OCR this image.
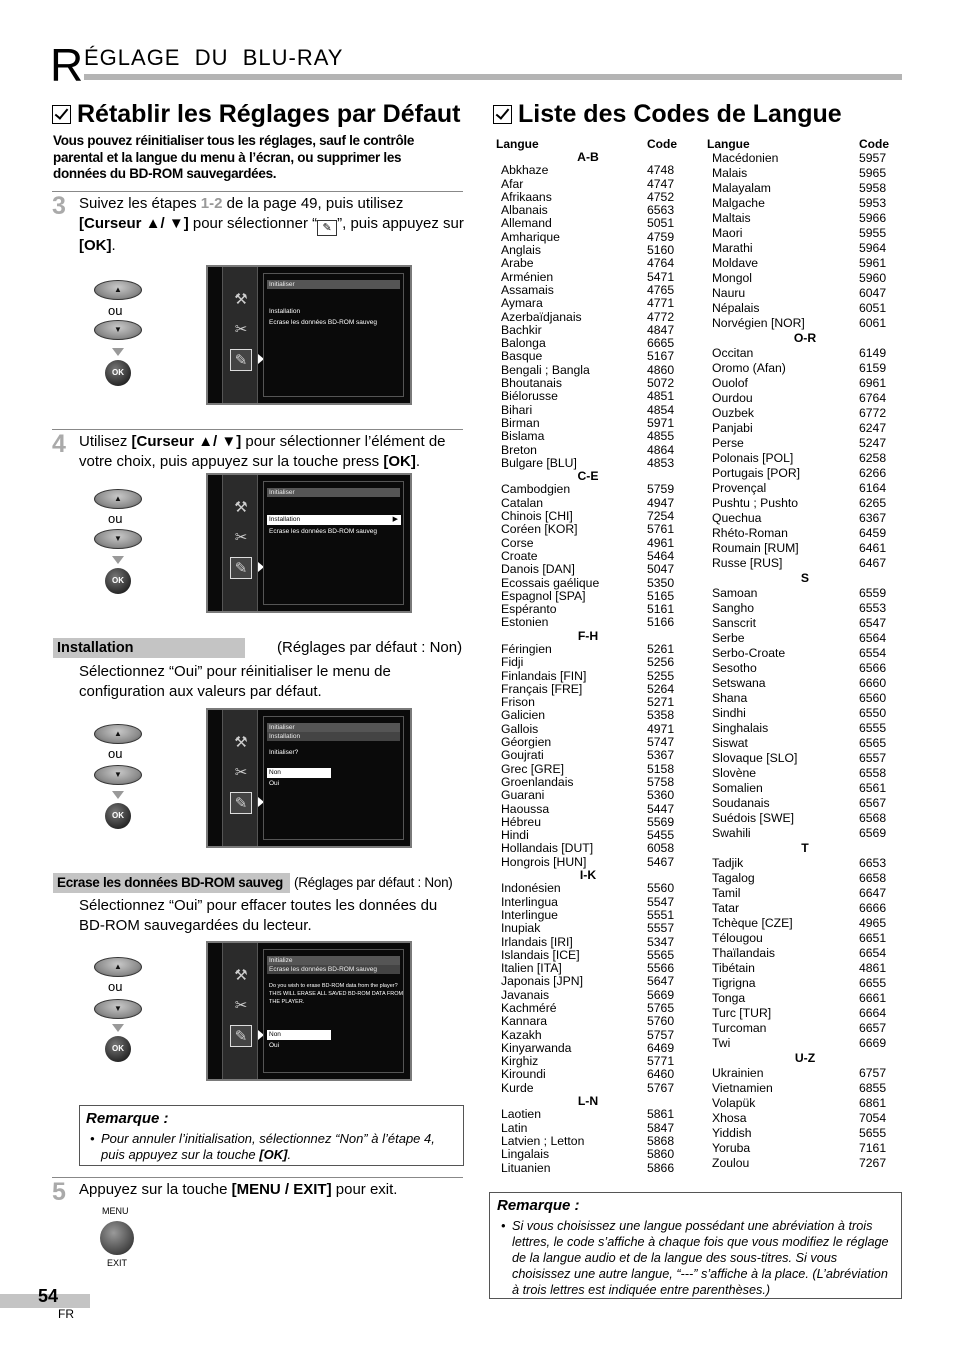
R ÉGLAGE  DU  BLU-RAY
Rétablir les Réglages par Défaut
Vous pouvez réinitialiser tous les réglages, sauf le contrôle parental et la langue du menu à l’écran, ou supprimer les données du BD-ROM sauvegardées.
3 Suivez les étapes 1-2 de la page 49, puis utilisez [Curseur ▲/ ▼] pour sélectionner “ ✎ ”, puis appuyez sur [OK].
▲
ou
▼
OK
⚒
✂
✎
Initialiser
Installation
Ecrase les données BD-ROM sauveg
4 Utilisez [Curseur ▲/ ▼] pour sélectionner l’élément de votre choix, puis appuyez sur la touche press [OK].
▲
ou
▼
OK
⚒
✂
✎
Initialiser
Installation	▶
Ecrase les données BD-ROM sauveg
Installation	(Réglages par défaut : Non)
Sélectionnez “Oui” pour réinitialiser le menu de configuration aux valeurs par défaut.
▲
ou
▼
OK
⚒
✂
✎
Initialiser
Installation
Initialiser?
Non
Oui
Ecrase les données BD-ROM sauveg (Réglages par défaut : Non)
Sélectionnez “Oui” pour effacer toutes les données du BD-ROM sauvegardées du lecteur.
▲
ou
▼
OK
⚒
✂
✎
Initialize
Ecrase les données BD-ROM sauveg
Do you wish to erase BD-ROM data from the player? THIS WILL ERASE ALL SAVED BD-ROM DATA FROM THE PLAYER.
Non
Oui
Remarque :
• Pour annuler l’initialisation, sélectionnez “Non” à l’étape 4, puis appuyez sur la touche [OK].
5 Appuyez sur la touche [MENU / EXIT] pour exit.
MENU
EXIT
54
FR
Liste des Codes de Langue
Langue	Code	Langue	Code
A-B
Abkhaze	4748
Afar	4747
Afrikaans	4752
Albanais	6563
Allemand	5051
Amharique	4759
Anglais	5160
Arabe	4764
Arménien	5471
Assamais	4765
Aymara	4771
Azerbaïdjanais	4772
Bachkir	4847
Balonga	6665
Basque	5167
Bengali ; Bangla	4860
Bhoutanais	5072
Biélorusse	4851
Bihari	4854
Birman	5971
Bislama	4855
Breton	4864
Bulgare [BLU]	4853
C-E
Cambodgien	5759
Catalan	4947
Chinois [CHI]	7254
Coréen [KOR]	5761
Corse	4961
Croate	5464
Danois [DAN]	5047
Ecossais gaélique	5350
Espagnol [SPA]	5165
Espéranto	5161
Estonien	5166
F-H
Féringien	5261
Fidji	5256
Finlandais [FIN]	5255
Français [FRE]	5264
Frison	5271
Galicien	5358
Gallois	4971
Géorgien	5747
Goujrati	5367
Grec [GRE]	5158
Groenlandais	5758
Guarani	5360
Haoussa	5447
Hébreu	5569
Hindi	5455
Hollandais [DUT]	6058
Hongrois [HUN]	5467
I-K
Indonésien	5560
Interlingua	5547
Interlingue	5551
Inupiak	5557
Irlandais [IRI]	5347
Islandais [ICE]	5565
Italien [ITA]	5566
Japonais [JPN]	5647
Javanais	5669
Kachméré	5765
Kannara	5760
Kazakh	5757
Kinyarwanda	6469
Kirghiz	5771
Kiroundi	6460
Kurde	5767
L-N
Laotien	5861
Latin	5847
Latvien ; Letton	5868
Lingalais	5860
Lituanien	5866
Macédonien	5957
Malais	5965
Malayalam	5958
Malgache	5953
Maltais	5966
Maori	5955
Marathi	5964
Moldave	5961
Mongol	5960
Nauru	6047
Népalais	6051
Norvégien [NOR]	6061
O-R
Occitan	6149
Oromo (Afan)	6159
Ouolof	6961
Ourdou	6764
Ouzbek	6772
Panjabi	6247
Perse	5247
Polonais [POL]	6258
Portugais [POR]	6266
Provençal	6164
Pushtu ; Pushto	6265
Quechua	6367
Rhéto-Roman	6459
Roumain [RUM]	6461
Russe [RUS]	6467
S
Samoan	6559
Sangho	6553
Sanscrit	6547
Serbe	6564
Serbo-Croate	6554
Sesotho	6566
Setswana	6660
Shana	6560
Sindhi	6550
Singhalais	6555
Siswat	6565
Slovaque [SLO]	6557
Slovène	6558
Somalien	6561
Soudanais	6567
Suédois [SWE]	6568
Swahili	6569
T
Tadjik	6653
Tagalog	6658
Tamil	6647
Tatar	6666
Tchèque [CZE]	4965
Télougou	6651
Thaïlandais	6654
Tibétain	4861
Tigrigna	6655
Tonga	6661
Turc [TUR]	6664
Turcoman	6657
Twi	6669
U-Z
Ukrainien	6757
Vietnamien	6855
Volapük	6861
Xhosa	7054
Yiddish	5655
Yoruba	7161
Zoulou	7267
Remarque :
• Si vous choisissez une langue possédant une abréviation à trois lettres, le code s’affiche à chaque fois que vous modifiez le réglage de la langue audio et de la langue des sous-titres. Si vous choisissez une autre langue, “---” s’affiche à la place. (L’abréviation à trois lettres est indiquée entre parenthèses.)
